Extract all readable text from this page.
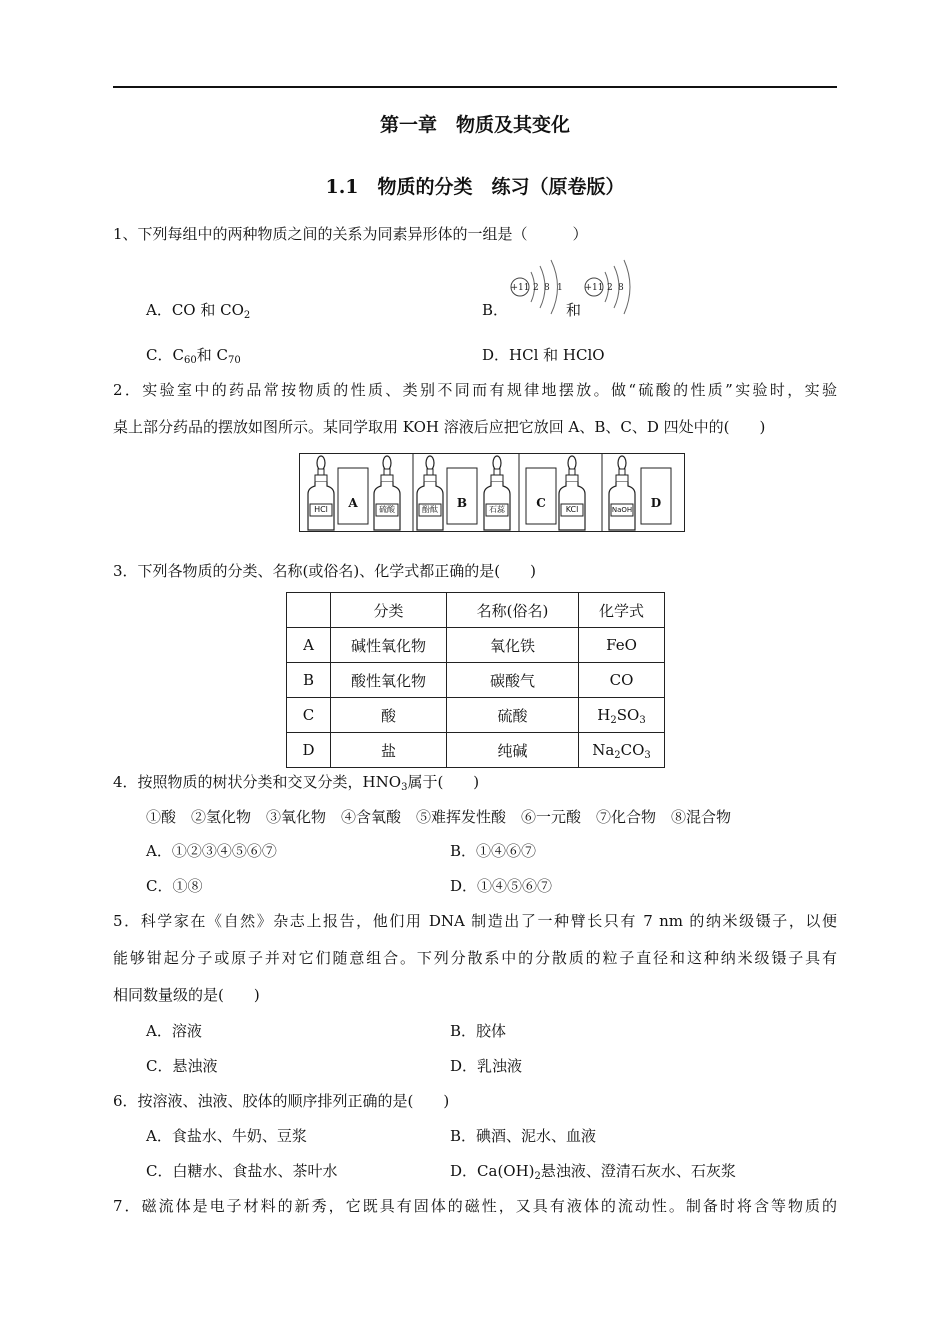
第一章　物质及其变化
1.1　物质的分类　练习（原卷版）
1、下列每组中的两种物质之间的关系为同素异形体的一组是（　　　）
A．CO 和 $CO_2$	B．
+11 2 8 1 +11 2 8
和
C．$C_{60}$和 $C_{70}$	D．HCl 和 HClO
2．实验室中的药品常按物质的性质、类别不同而有规律地摆放。做“硫酸的性质”实验时，实验
桌上部分药品的摆放如图所示。某同学取用 KOH 溶液后应把它放回 A、B、C、D 四处中的(　　)
HCl	硫酸	酚酞	石蕊	KCl	NaOH
A	B	C	D
3．下列各物质的分类、名称(或俗名)、化学式都正确的是(　　)
	分类	名称(俗名)	化学式
A	碱性氧化物	氧化铁	FeO
B	酸性氧化物	碳酸气	CO
C	酸	硫酸	$H_2SO_3$
D	盐	纯碱	$Na_2CO_3$
4．按照物质的树状分类和交叉分类，$HNO_3$属于(　　)
①酸　②氢化物　③氧化物　④含氧酸　⑤难挥发性酸　⑥一元酸　⑦化合物　⑧混合物
A．①②③④⑤⑥⑦	B．①④⑥⑦
C．①⑧	D．①④⑤⑥⑦
5．科学家在《自然》杂志上报告，他们用 DNA 制造出了一种臂长只有 7 nm 的纳米级镊子，以便
能够钳起分子或原子并对它们随意组合。下列分散系中的分散质的粒子直径和这种纳米级镊子具有
相同数量级的是(　　)
A．溶液	B．胶体
C．悬浊液	D．乳浊液
6．按溶液、浊液、胶体的顺序排列正确的是(　　)
A．食盐水、牛奶、豆浆	B．碘酒、泥水、血液
C．白糖水、食盐水、茶叶水	D．$Ca(OH)_2$悬浊液、澄清石灰水、石灰浆
7．磁流体是电子材料的新秀，它既具有固体的磁性，又具有液体的流动性。制备时将含等物质的
